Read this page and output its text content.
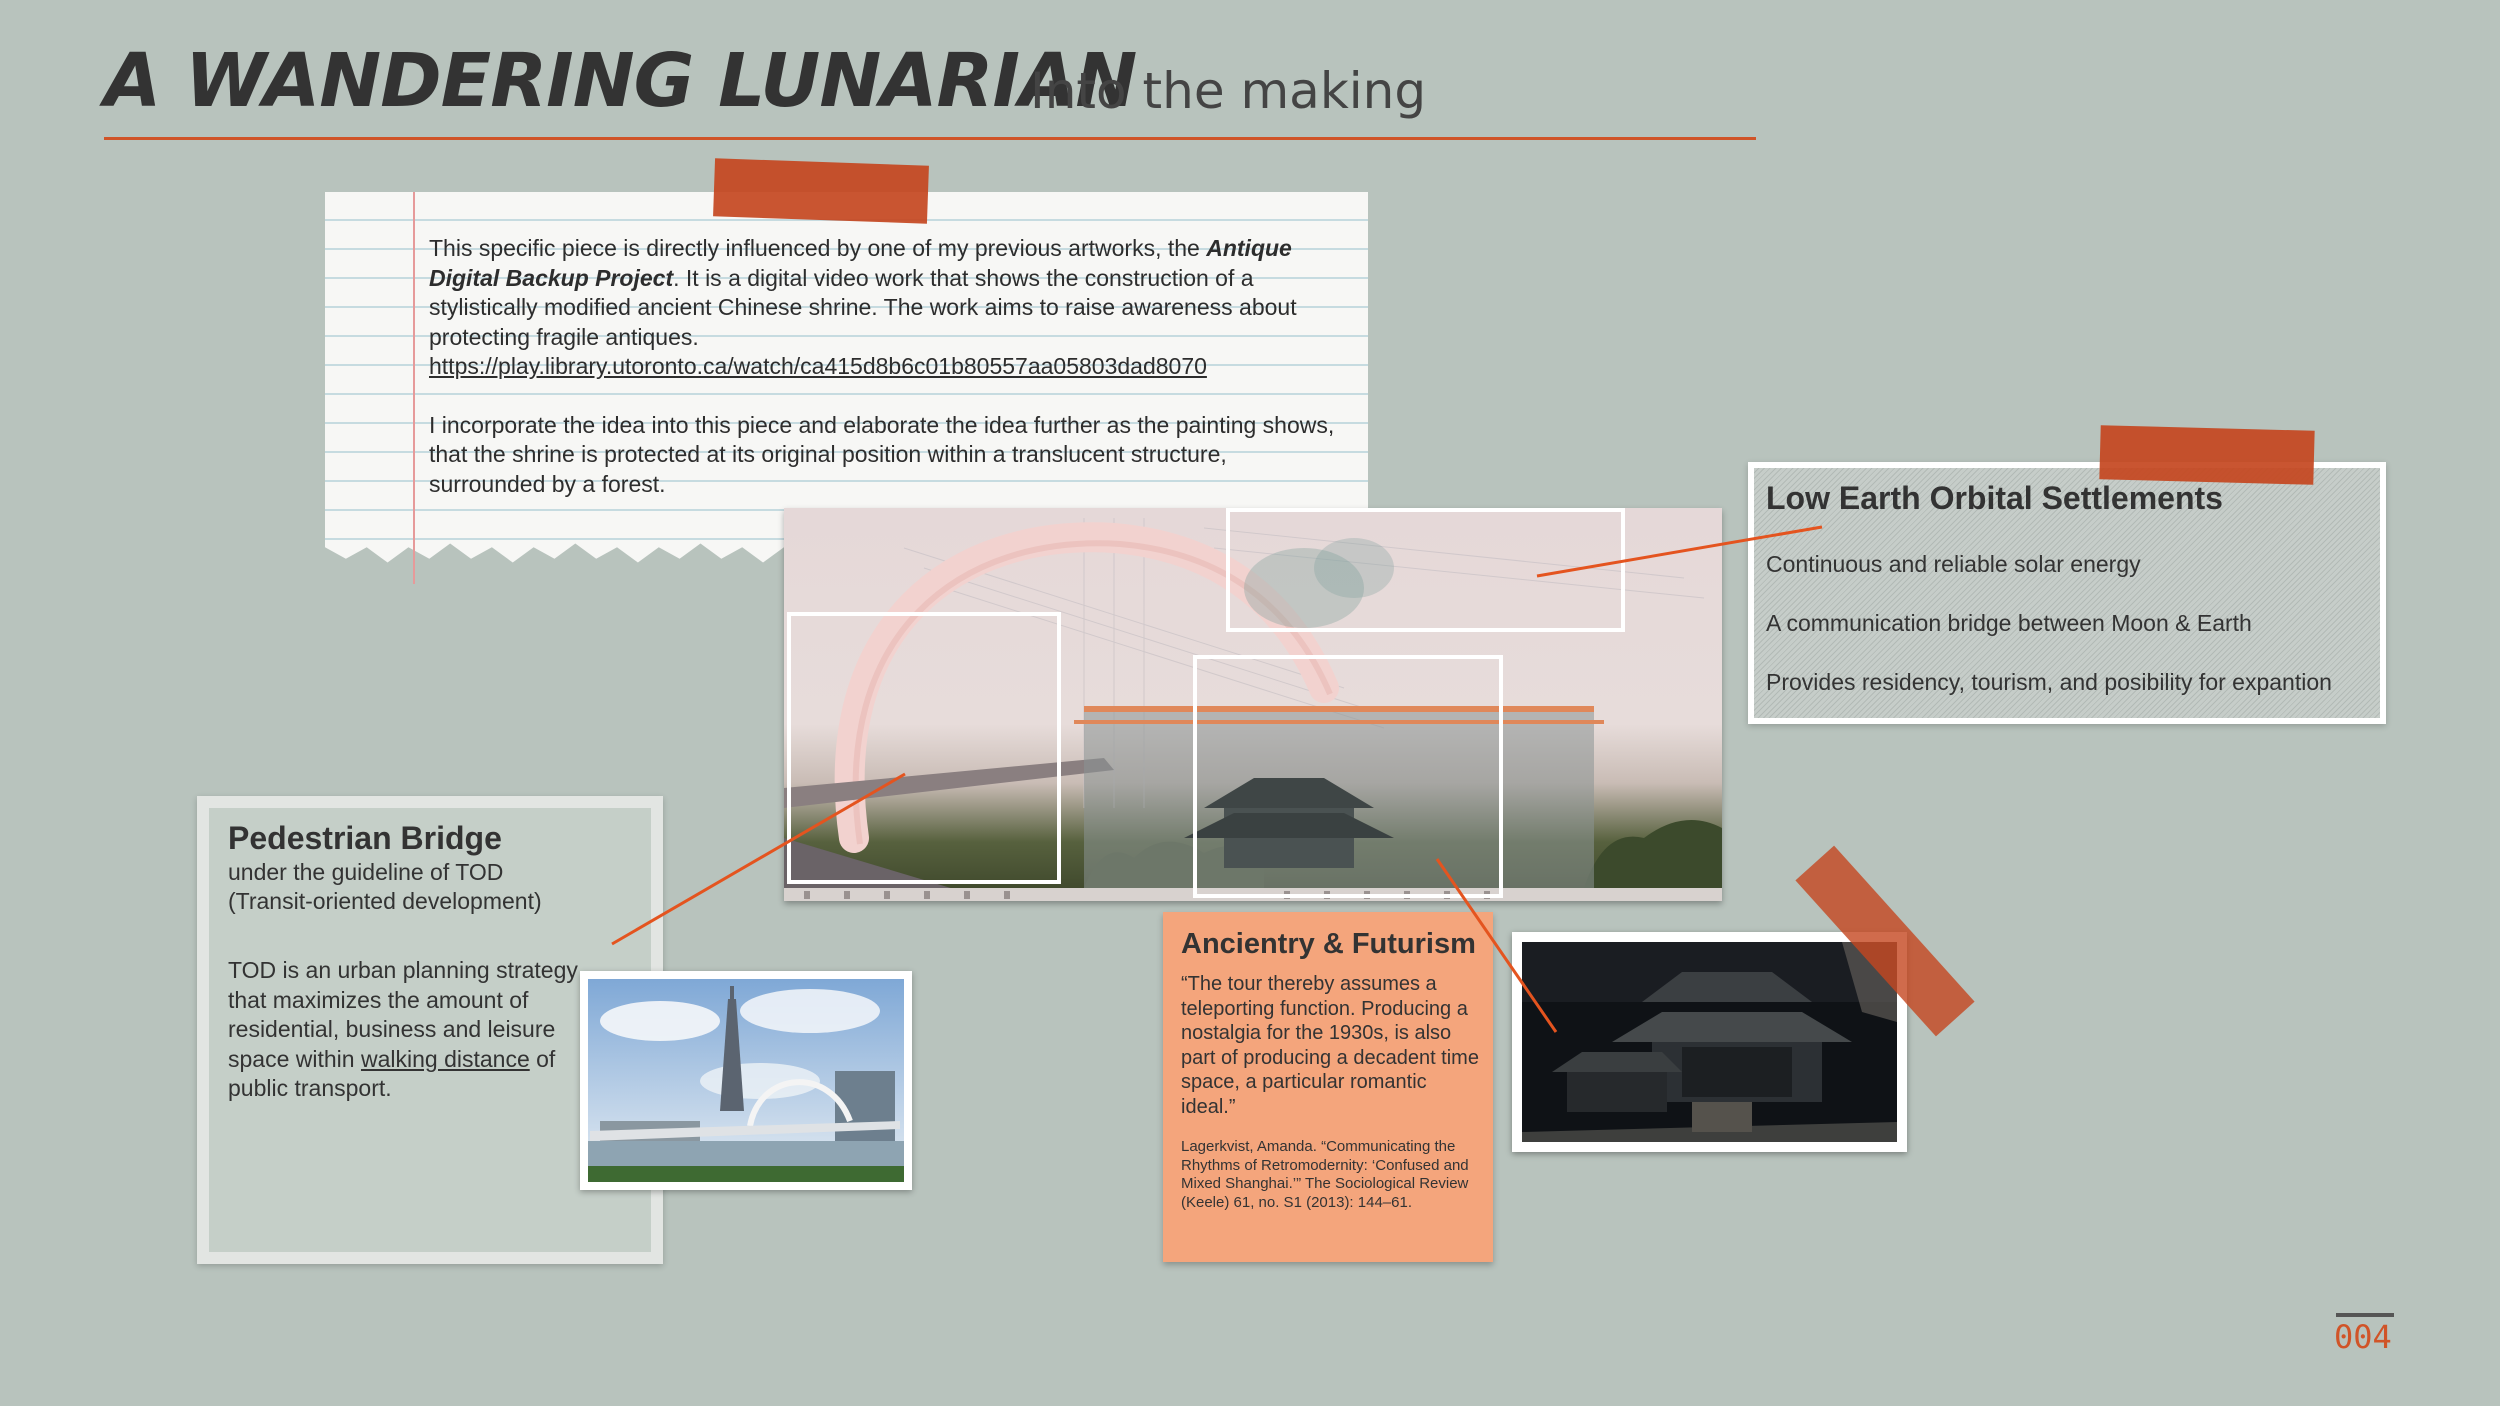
A WANDERING LUNARIAN
Into the making

This specific piece is directly influenced by one of my previous artworks, the Antique Digital Backup Project. It is a digital video work that shows the construction of a stylistically modified ancient Chinese shrine. The work aims to raise awareness about protecting fragile antiques.

https://play.library.utoronto.ca/watch/ca415d8b6c01b80557aa05803dad8070

I incorporate the idea into this piece and elaborate the idea further as the painting shows, that the shrine is protected at its original position within a translucent structure, surrounded by a forest.	Low Earth Orbital Settlements
Continuous and reliable solar energy
A communication bridge between Moon & Earth
Provides residency, tourism, and posibility for expantion
Pedestrian Bridge
under the guideline of TOD
(Transit-oriented development)
TOD is an urban planning strategy that maximizes the amount of residential, business and leisure space within walking distance of public transport.
Ancientry & Futurism
“The tour thereby assumes a teleporting function. Producing a nostalgia for the 1930s, is also part of producing a decadent time space, a particular romantic ideal.”
Lagerkvist, Amanda. “Communicating the Rhythms of Retromodernity: ‘Confused and Mixed Shanghai.’” The Sociological Review (Keele) 61, no. S1 (2013): 144–61.
004
